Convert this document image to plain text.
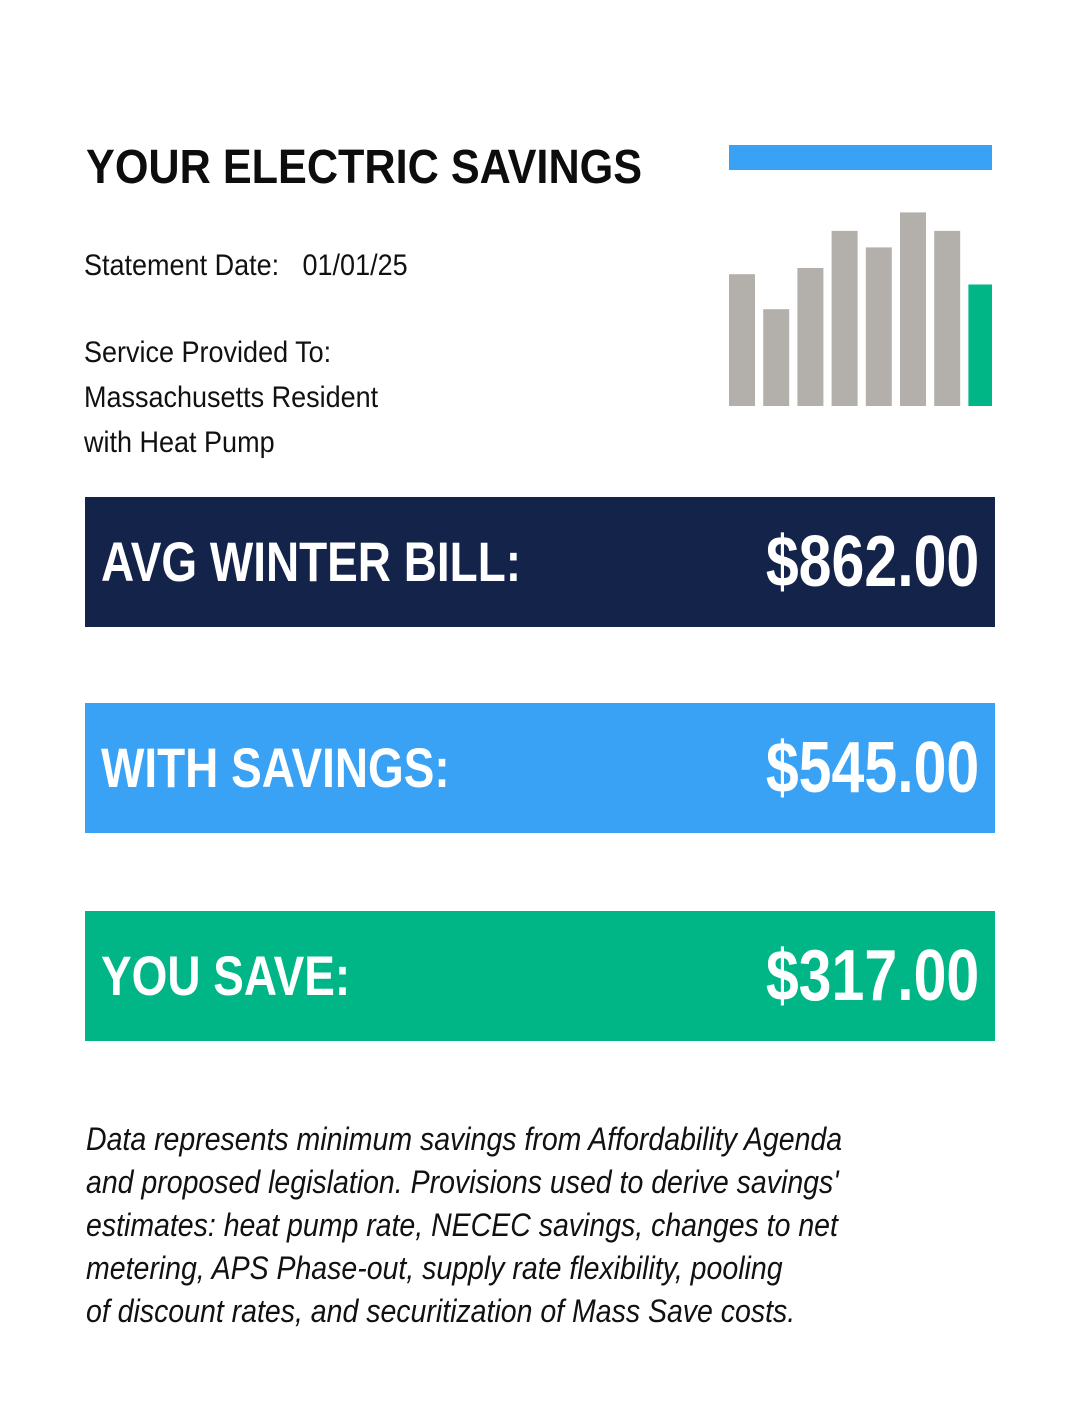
YOUR ELECTRIC SAVINGS
Statement Date: 01/01/25
Service Provided To:
Massachusetts Resident
with Heat Pump
AVG WINTER BILL:	$862.00
WITH SAVINGS:	$545.00
YOU SAVE:	$317.00

Data represents minimum savings from Affordability Agenda
and proposed legislation. Provisions used to derive savings'
estimates: heat pump rate, NECEC savings, changes to net
metering, APS Phase-out, supply rate flexibility, pooling
of discount rates, and securitization of Mass Save costs.
